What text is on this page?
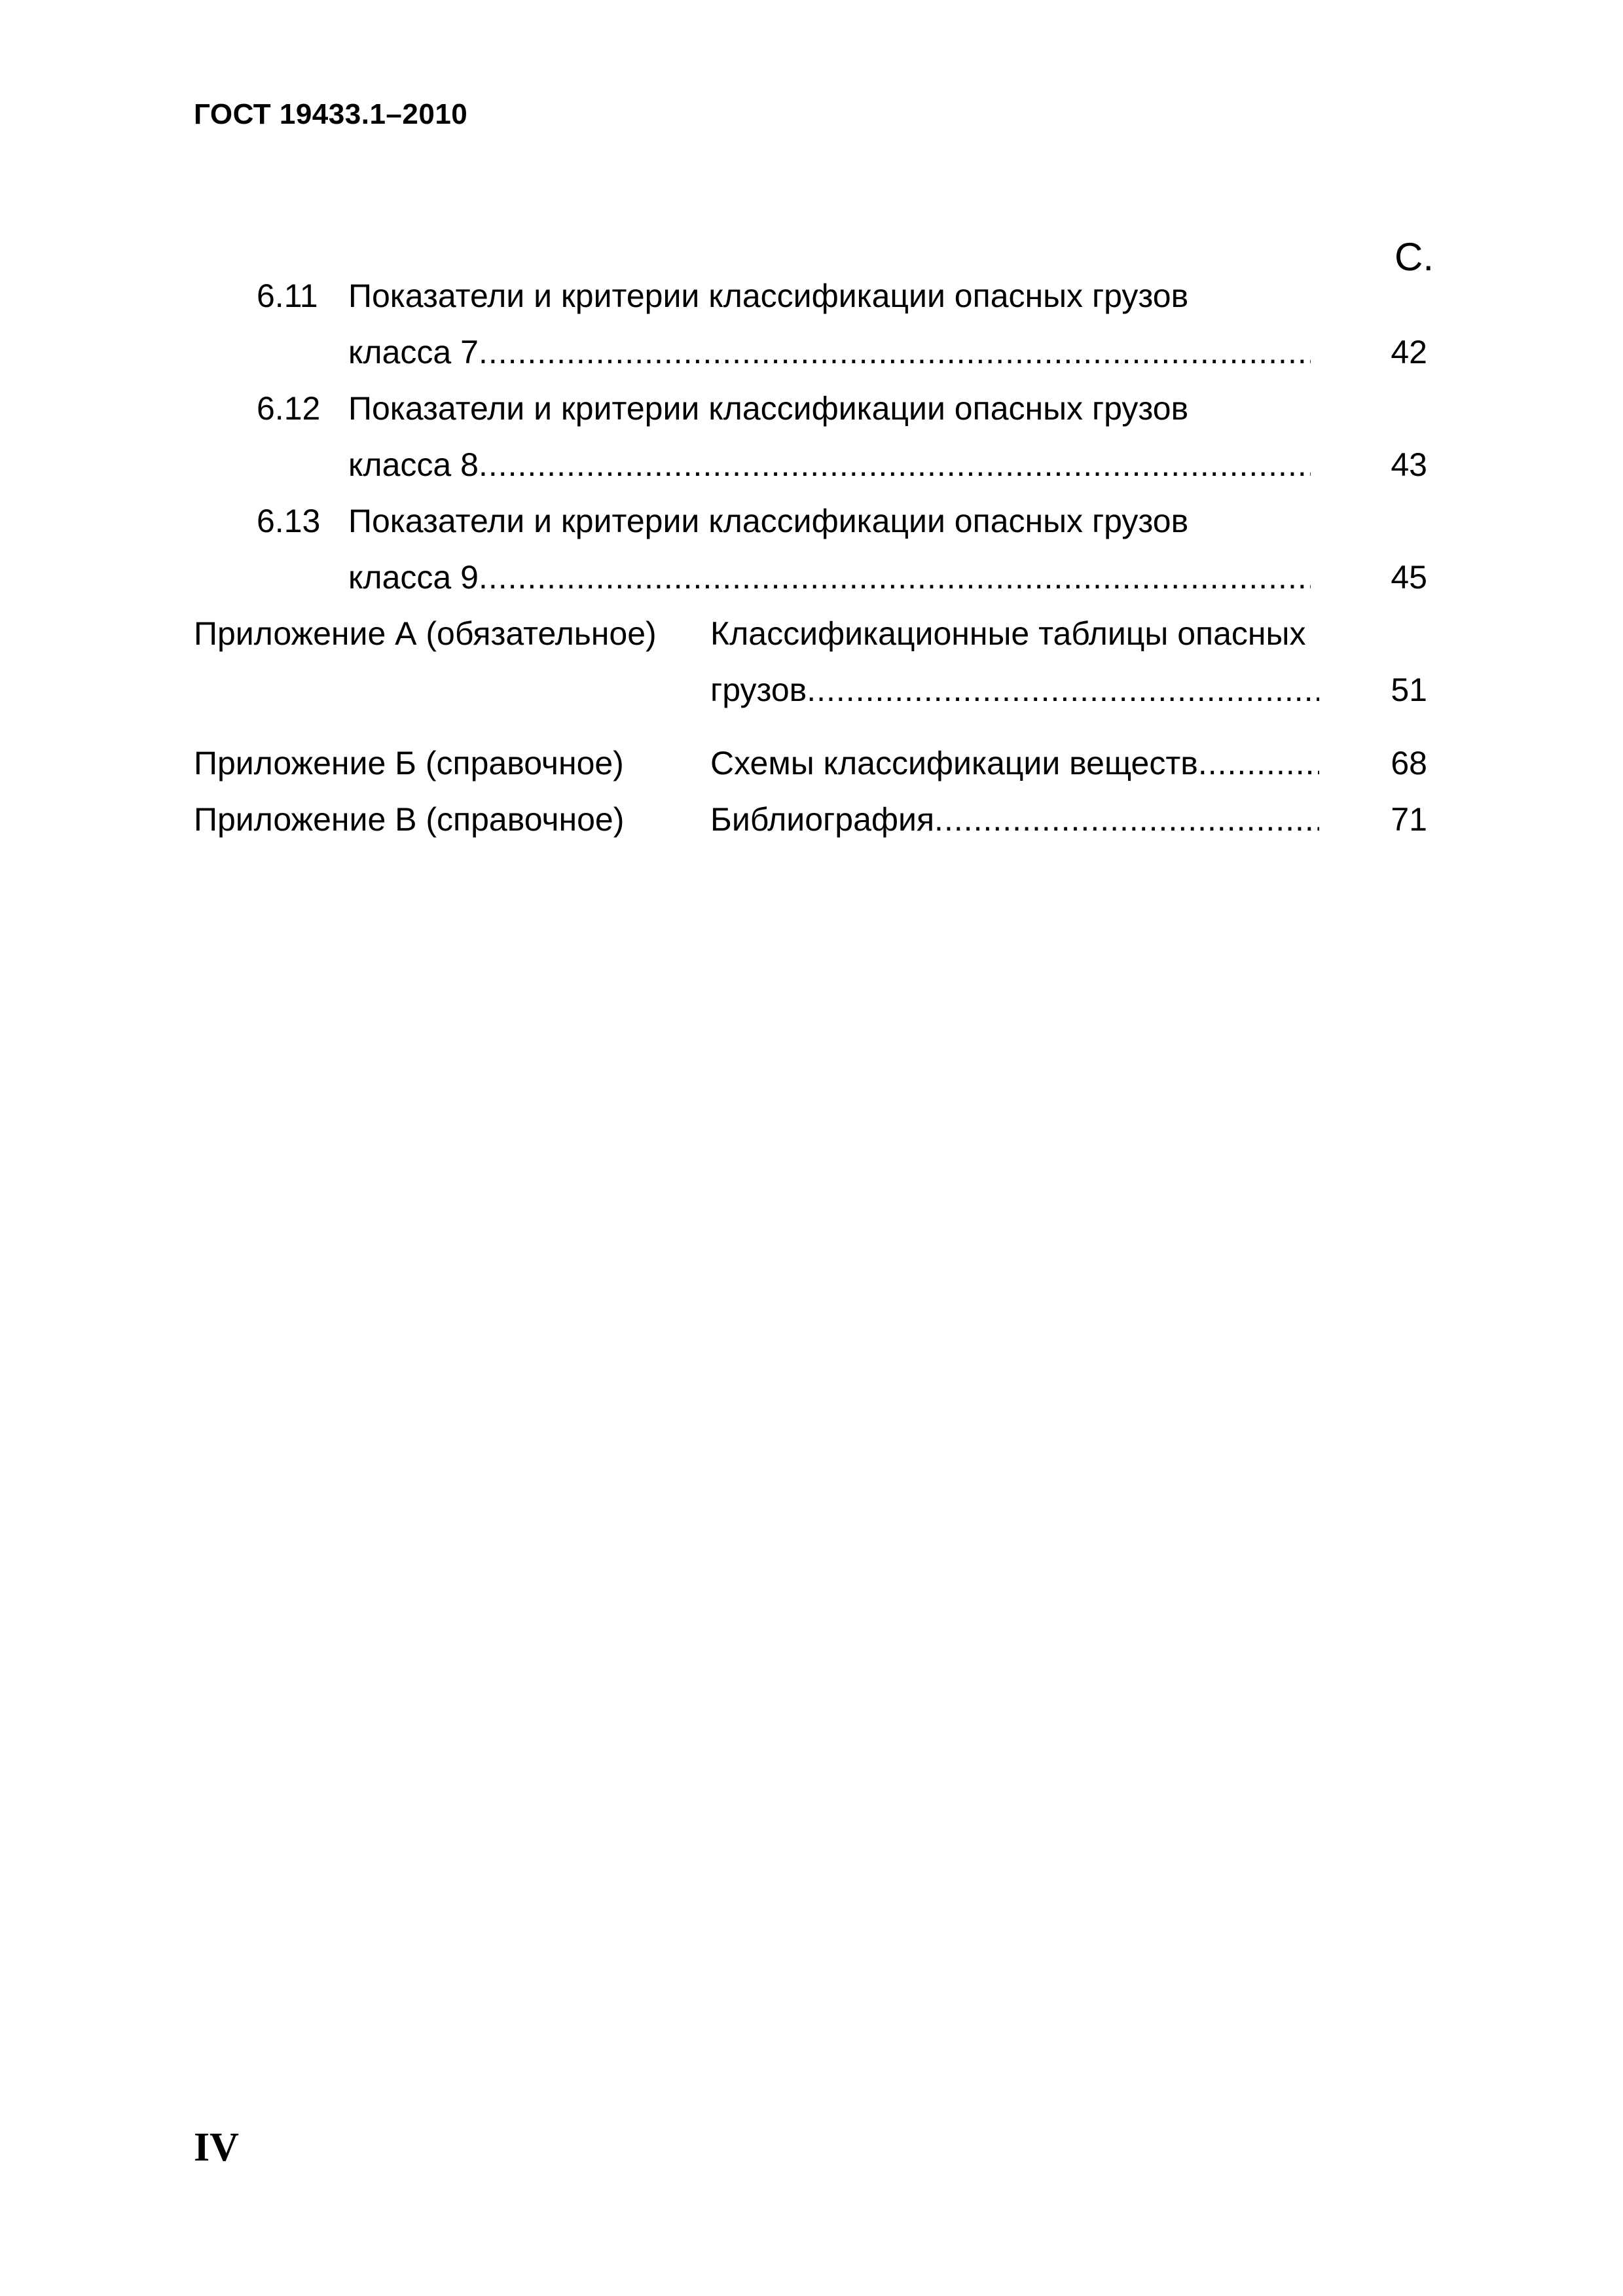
ГОСТ 19433.1–2010
С.
6.11 Показатели и критерии классификации опасных грузов
класса 7 .....	42
6.12 Показатели и критерии классификации опасных грузов
класса 8 .....	43
6.13 Показатели и критерии классификации опасных грузов
класса 9 .....	45
Приложение А (обязательное) Классификационные таблицы опасных
грузов .....	51
Приложение Б (справочное)	Схемы классификации веществ .....	68
Приложение В (справочное)	Библиография .....	71
IV
